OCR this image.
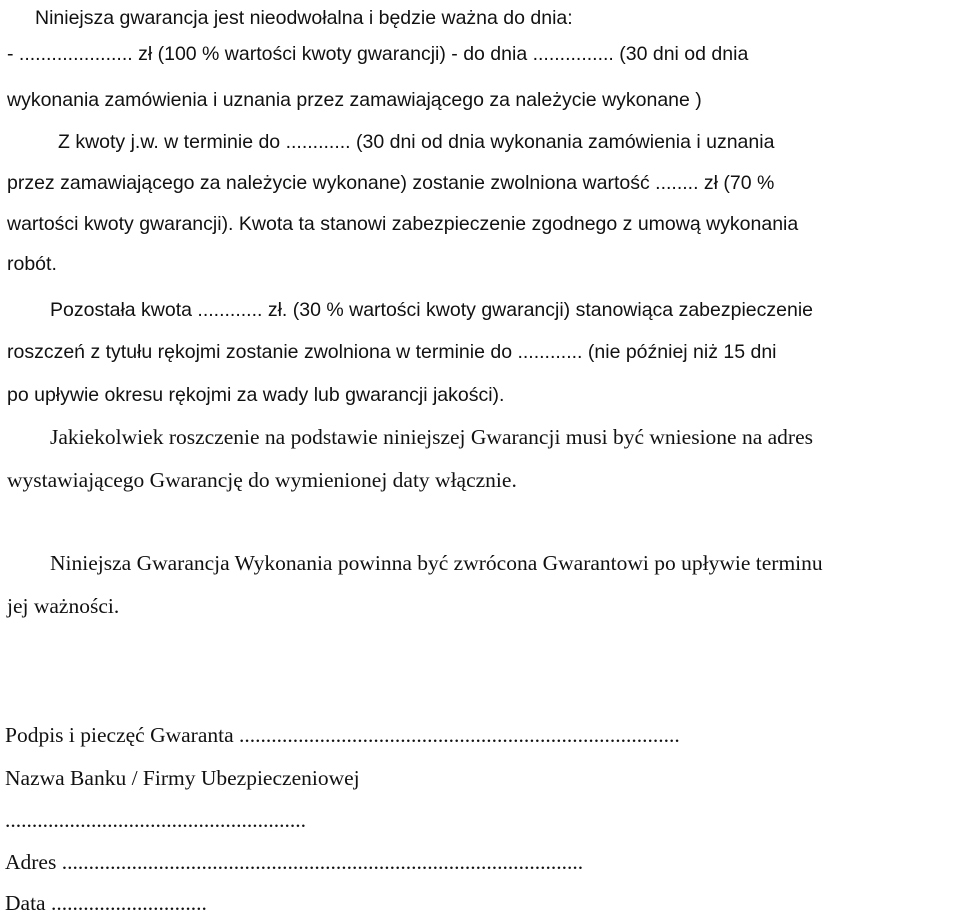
Niniejsza gwarancja jest nieodwołalna i będzie ważna do dnia:
- ..................... zł (100 % wartości kwoty gwarancji) - do dnia ............... (30 dni od dnia
wykonania zamówienia i uznania przez zamawiającego za należycie wykonane )
Z kwoty j.w. w terminie do ............ (30 dni od dnia wykonania zamówienia i uznania
przez zamawiającego za należycie wykonane) zostanie zwolniona wartość ........ zł (70 %
wartości kwoty gwarancji). Kwota ta stanowi zabezpieczenie zgodnego z umową wykonania
robót.
Pozostała kwota ............ zł. (30 % wartości kwoty gwarancji) stanowiąca zabezpieczenie
roszczeń z tytułu rękojmi zostanie zwolniona w terminie do ............ (nie później niż 15 dni
po upływie okresu rękojmi za wady lub gwarancji jakości).
Jakiekolwiek roszczenie na podstawie niniejszej Gwarancji musi być wniesione na adres
wystawiającego Gwarancję do wymienionej daty włącznie.
Niniejsza Gwarancja Wykonania powinna być zwrócona Gwarantowi po upływie terminu
jej ważności.
Podpis i pieczęć Gwaranta ..................................................................................
Nazwa Banku / Firmy Ubezpieczeniowej
........................................................
Adres .................................................................................................
Data .............................
